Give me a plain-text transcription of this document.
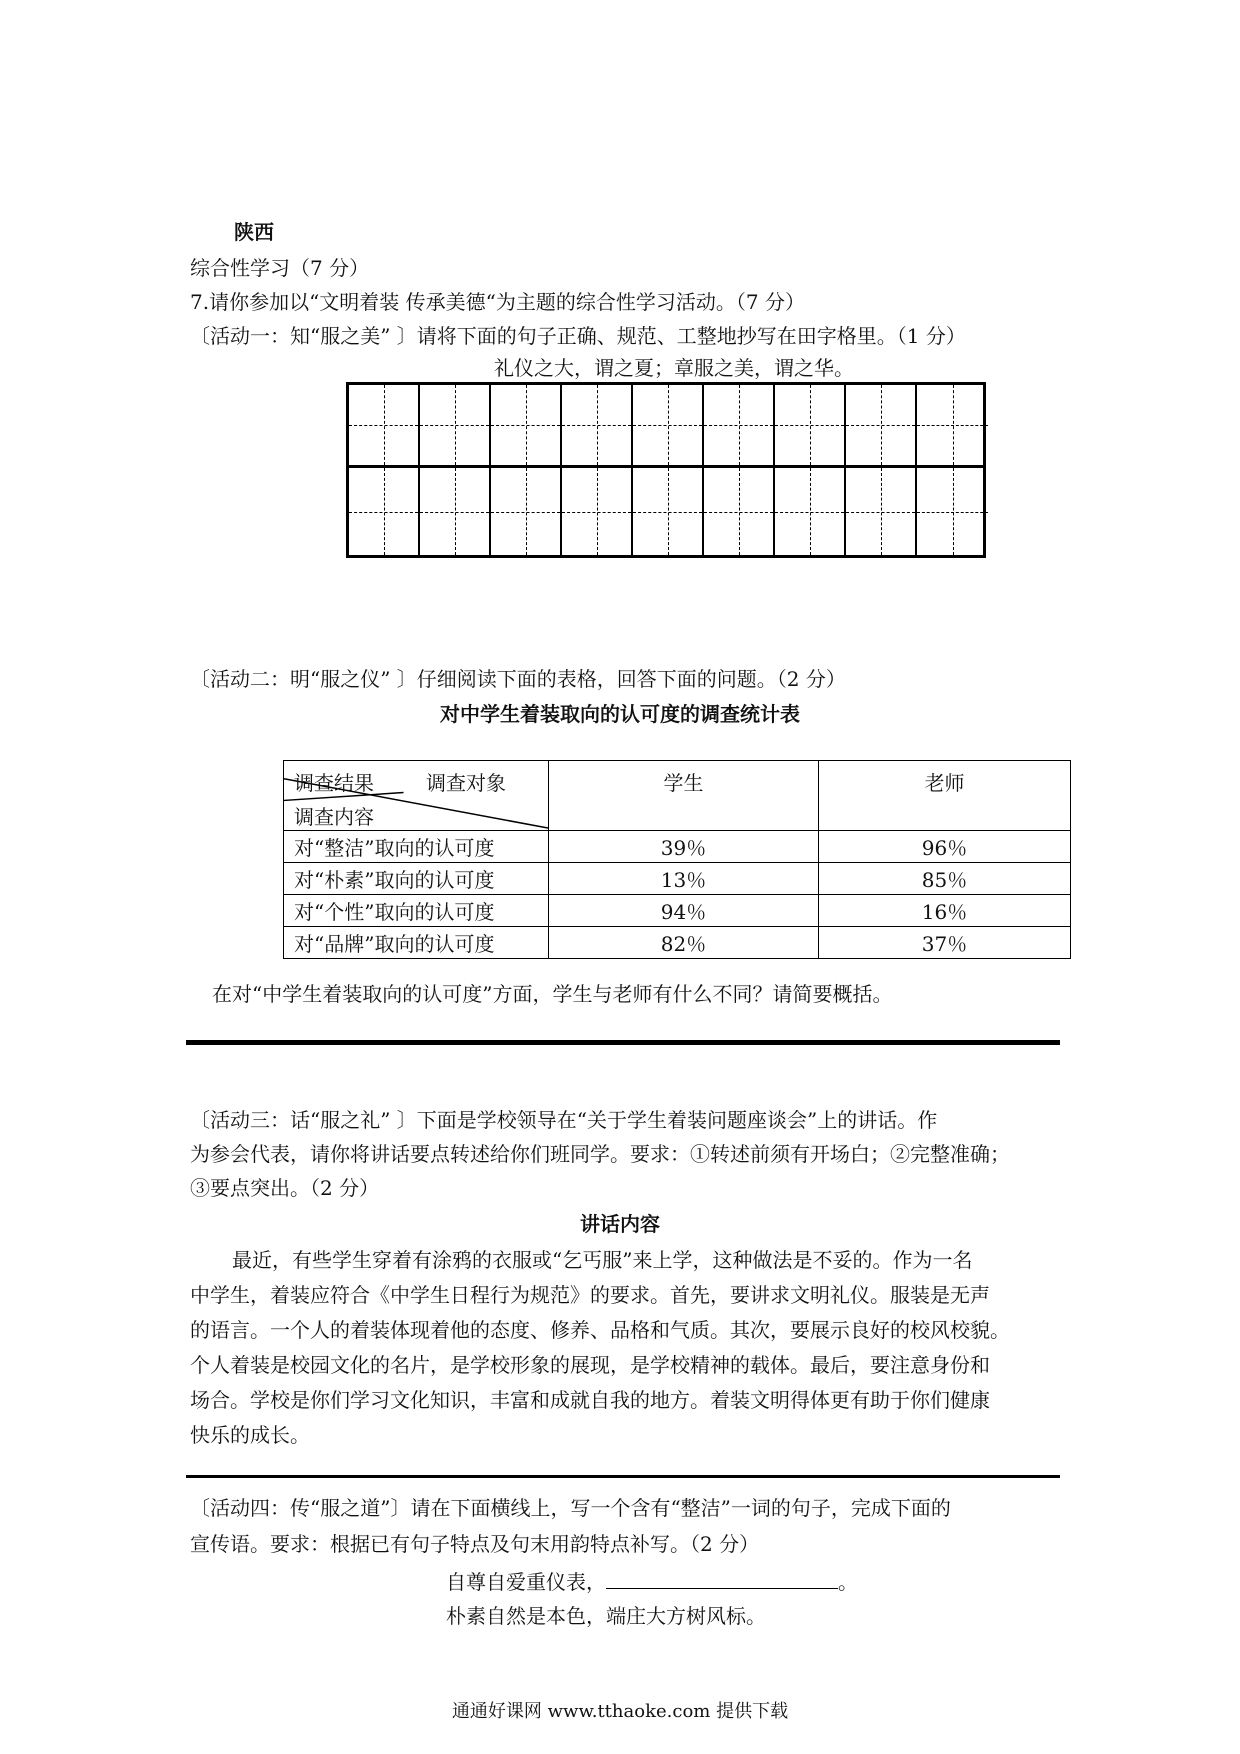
陕西
综合性学习（7 分）
7.请你参加以“文明着装 传承美德“为主题的综合性学习活动。（7 分）
〔活动一：知“服之美” 〕请将下面的句子正确、规范、工整地抄写在田字格里。（1 分）
礼仪之大，谓之夏；章服之美，谓之华。
〔活动二：明“服之仪” 〕仔细阅读下面的表格，回答下面的问题。（2 分）
对中学生着装取向的认可度的调查统计表
调查结果 调查对象
调查内容	学生	老师
对“整洁”取向的认可度	39％	96％
对“朴素”取向的认可度	13％	85％
对“个性”取向的认可度	94％	16％
对“品牌”取向的认可度	82％	37％
在对“中学生着装取向的认可度”方面，学生与老师有什么不同？请简要概括。
〔活动三：话“服之礼” 〕下面是学校领导在“关于学生着装问题座谈会”上的讲话。作
为参会代表，请你将讲话要点转述给你们班同学。要求：①转述前须有开场白；②完整准确；
③要点突出。（2 分）
讲话内容
最近，有些学生穿着有涂鸦的衣服或“乞丐服”来上学，这种做法是不妥的。作为一名
中学生，着装应符合《中学生日程行为规范》的要求。首先，要讲求文明礼仪。服装是无声
的语言。一个人的着装体现着他的态度、修养、品格和气质。其次，要展示良好的校风校貌。
个人着装是校园文化的名片，是学校形象的展现，是学校精神的载体。最后，要注意身份和
场合。学校是你们学习文化知识，丰富和成就自我的地方。着装文明得体更有助于你们健康
快乐的成长。
〔活动四：传“服之道”〕请在下面横线上，写一个含有“整洁”一词的句子，完成下面的
宣传语。要求：根据已有句子特点及句末用韵特点补写。（2 分）
自尊自爱重仪表，	。
朴素自然是本色，端庄大方树风标。
通通好课网 www.tthaoke.com 提供下载
